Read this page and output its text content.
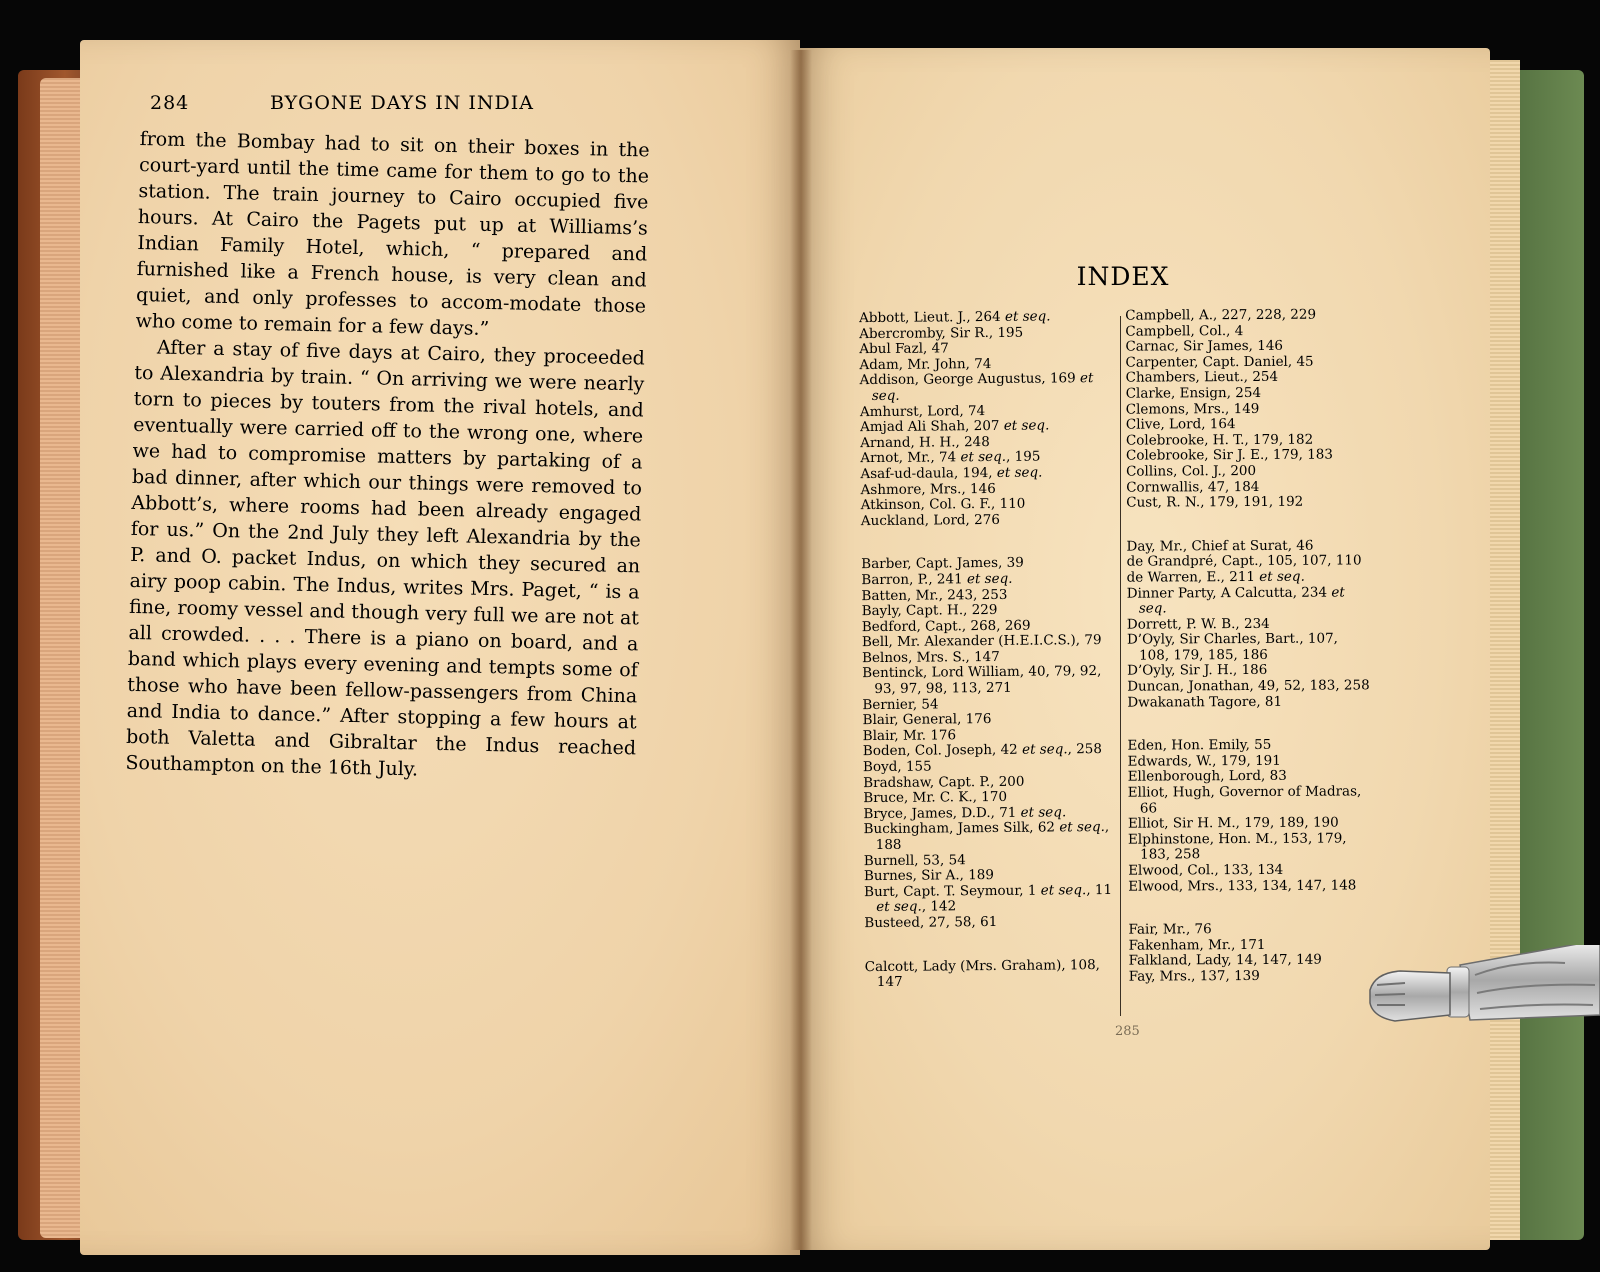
284	BYGONE DAYS IN INDIA

from the Bombay had to sit on their boxes in the court-yard until the time came for them to go to the station. The train journey to Cairo occupied five hours. At Cairo the Pagets put up at Williams’s Indian Family Hotel, which, “ prepared and furnished like a French house, is very clean and quiet, and only professes to accom-modate those who come to remain for a few days.”

After a stay of five days at Cairo, they proceeded to Alexandria by train. “ On arriving we were nearly torn to pieces by touters from the rival hotels, and eventually were carried off to the wrong one, where we had to compromise matters by partaking of a bad dinner, after which our things were removed to Abbott’s, where rooms had been already engaged for us.” On the 2nd July they left Alexandria by the P. and O. packet Indus, on which they secured an airy poop cabin. The Indus, writes Mrs. Paget, “ is a fine, roomy vessel and though very full we are not at all crowded. . . . There is a piano on board, and a band which plays every evening and tempts some of those who have been fellow-passengers from China and India to dance.” After stopping a few hours at both Valetta and Gibraltar the Indus reached Southampton on the 16th July.

INDEX
Abbott, Lieut. J., 264 et seq.
Abercromby, Sir R., 195
Abul Fazl, 47
Adam, Mr. John, 74
Addison, George Augustus, 169 et seq.
Amhurst, Lord, 74
Amjad Ali Shah, 207 et seq.
Arnand, H. H., 248
Arnot, Mr., 74 et seq., 195
Asaf-ud-daula, 194, et seq.
Ashmore, Mrs., 146
Atkinson, Col. G. F., 110
Auckland, Lord, 276
Barber, Capt. James, 39
Barron, P., 241 et seq.
Batten, Mr., 243, 253
Bayly, Capt. H., 229
Bedford, Capt., 268, 269
Bell, Mr. Alexander (H.E.I.C.S.), 79
Belnos, Mrs. S., 147
Bentinck, Lord William, 40, 79, 92, 93, 97, 98, 113, 271
Bernier, 54
Blair, General, 176
Blair, Mr. 176
Boden, Col. Joseph, 42 et seq., 258
Boyd, 155
Bradshaw, Capt. P., 200
Bruce, Mr. C. K., 170
Bryce, James, D.D., 71 et seq.
Buckingham, James Silk, 62 et seq., 188
Burnell, 53, 54
Burnes, Sir A., 189
Burt, Capt. T. Seymour, 1 et seq., 11 et seq., 142
Busteed, 27, 58, 61
Calcott, Lady (Mrs. Graham), 108, 147
Campbell, A., 227, 228, 229
Campbell, Col., 4
Carnac, Sir James, 146
Carpenter, Capt. Daniel, 45
Chambers, Lieut., 254
Clarke, Ensign, 254
Clemons, Mrs., 149
Clive, Lord, 164
Colebrooke, H. T., 179, 182
Colebrooke, Sir J. E., 179, 183
Collins, Col. J., 200
Cornwallis, 47, 184
Cust, R. N., 179, 191, 192
Day, Mr., Chief at Surat, 46
de Grandpré, Capt., 105, 107, 110
de Warren, E., 211 et seq.
Dinner Party, A Calcutta, 234 et seq.
Dorrett, P. W. B., 234
D’Oyly, Sir Charles, Bart., 107, 108, 179, 185, 186
D’Oyly, Sir J. H., 186
Duncan, Jonathan, 49, 52, 183, 258
Dwakanath Tagore, 81
Eden, Hon. Emily, 55
Edwards, W., 179, 191
Ellenborough, Lord, 83
Elliot, Hugh, Governor of Madras, 66
Elliot, Sir H. M., 179, 189, 190
Elphinstone, Hon. M., 153, 179, 183, 258
Elwood, Col., 133, 134
Elwood, Mrs., 133, 134, 147, 148
Fair, Mr., 76
Fakenham, Mr., 171
Falkland, Lady, 14, 147, 149
Fay, Mrs., 137, 139
285
